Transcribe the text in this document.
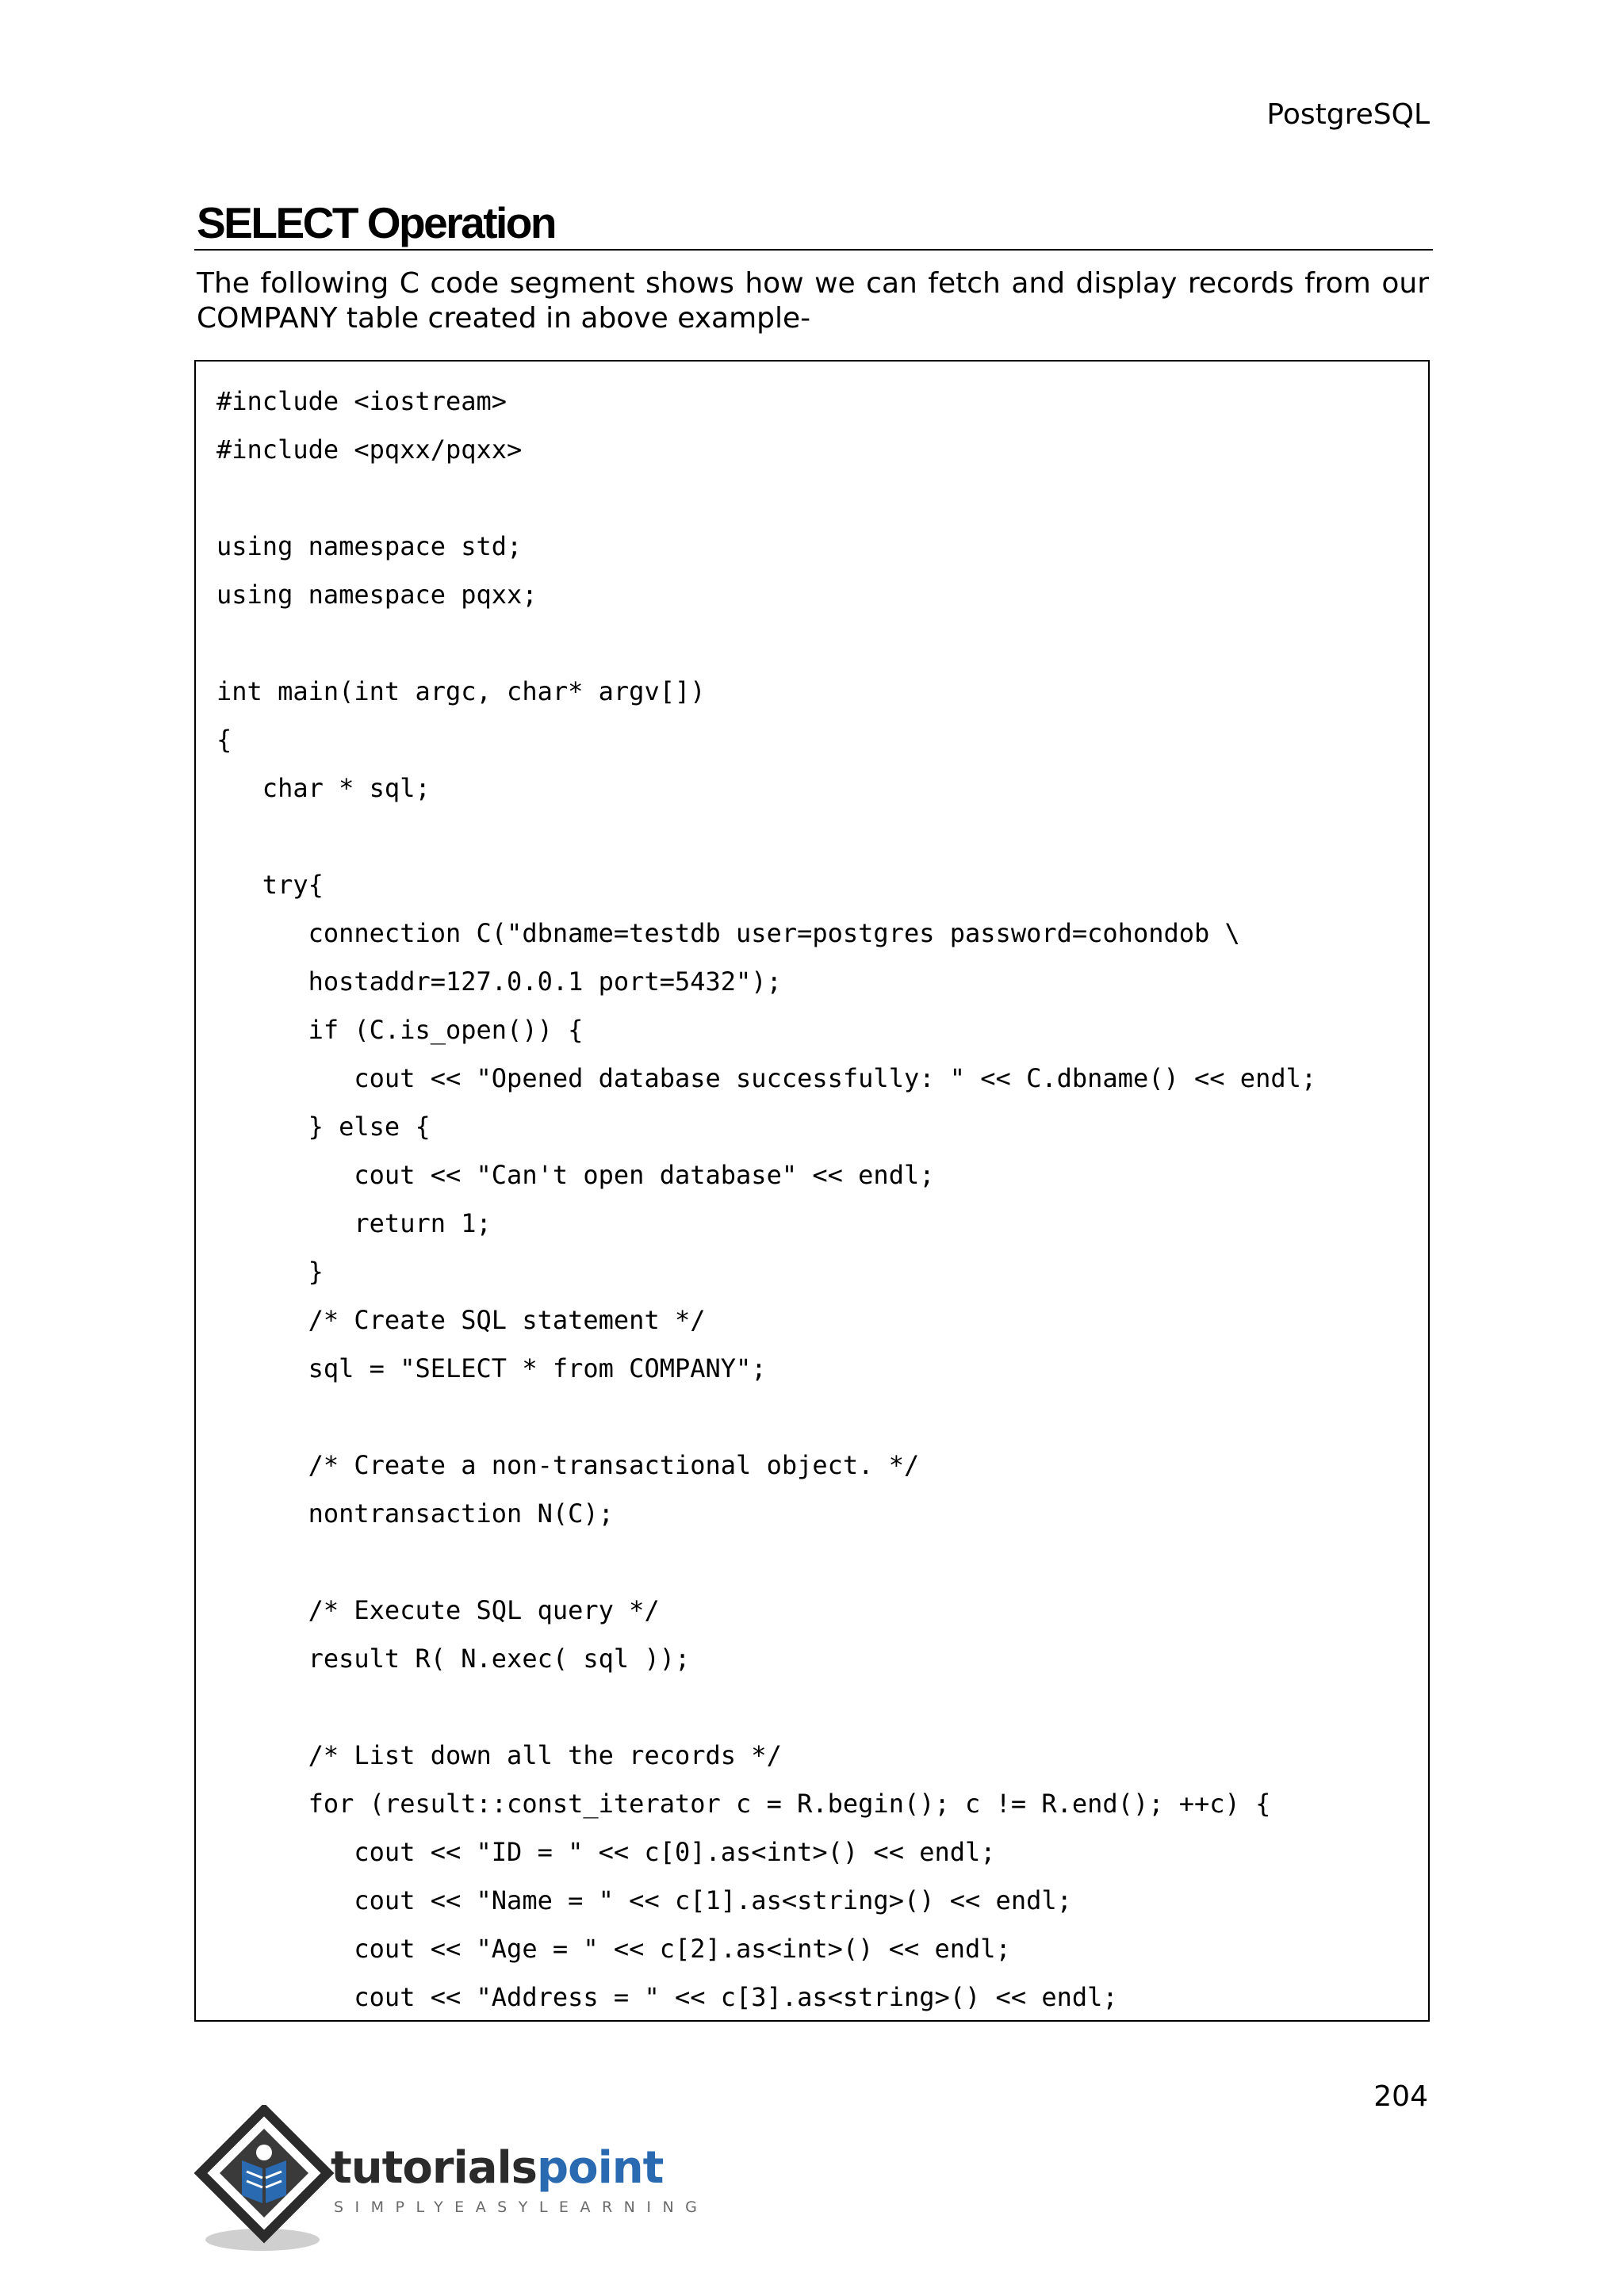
PostgreSQL
SELECT Operation

The following C code segment shows how we can fetch and display records from our COMPANY table created in above example-

#include <iostream>
#include <pqxx/pqxx>
using namespace std;
using namespace pqxx;
int main(int argc, char* argv[])
{
char * sql;
try{
connection C("dbname=testdb user=postgres password=cohondob \
hostaddr=127.0.0.1 port=5432");
if (C.is_open()) {
cout << "Opened database successfully: " << C.dbname() << endl;
} else {
cout << "Can't open database" << endl;
return 1;
}
/* Create SQL statement */
sql = "SELECT * from COMPANY";
/* Create a non-transactional object. */
nontransaction N(C);
/* Execute SQL query */
result R( N.exec( sql ));
/* List down all the records */
for (result::const_iterator c = R.begin(); c != R.end(); ++c) {
cout << "ID = " << c[0].as<int>() << endl;
cout << "Name = " << c[1].as<string>() << endl;
cout << "Age = " << c[2].as<int>() << endl;
cout << "Address = " << c[3].as<string>() << endl;
204
tutorialspoint
SIMPLYEASYLEARNING
